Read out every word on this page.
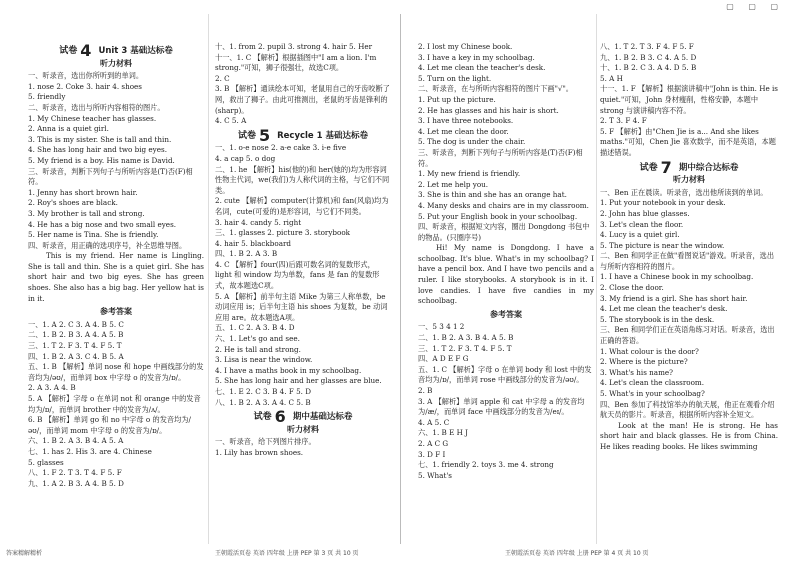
▢ ▢ ▢
试卷 4 Unit 3 基础达标卷
听力材料
一、听录音，选出你所听到的单词。
1. nose 2. Coke 3. hair 4. shoes
5. friendly
二、听录音，选出与所听内容相符的图片。
1. My Chinese teacher has glasses.
2. Anna is a quiet girl.
3. This is my sister. She is tall and thin.
4. She has long hair and two big eyes.
5. My friend is a boy. His name is David.
三、听录音，判断下列句子与所听内容是(T)否(F)相符。
1. Jenny has short brown hair.
2. Roy's shoes are black.
3. My brother is tall and strong.
4. He has a big nose and two small eyes.
5. Her name is Tina. She is friendly.
四、听录音，用正确的选项序号，补全思维导图。
This is my friend. Her name is Lingling. She is tall and thin. She is a quiet girl. She has short hair and two big eyes. She has green shoes. She also has a big bag. Her yellow hat is in it.
参考答案
一、1. A 2. C 3. A 4. B 5. C
二、1. B 2. B 3. A 4. A 5. B
三、1. T 2. F 3. T 4. F 5. T
四、1. B 2. A 3. C 4. B 5. A
五、1. B 【解析】单词 nose 和 hope 中画线部分的发音均为/əʊ/，而单词 box 中字母 o 的发音为/ɒ/。
2. A 3. A 4. B
5. A 【解析】字母 o 在单词 not 和 orange 中的发音均为/ɒ/，而单词 brother 中的发音为/ʌ/。
6. B 【解析】单词 go 和 no 中字母 o 的发音均为/əʊ/，而单词 mom 中字母 o 的发音为/ɒ/。
六、1. B 2. A 3. B 4. A 5. A
七、1. has 2. His 3. are 4. Chinese
5. glasses
八、1. F 2. T 3. T 4. F 5. F
九、1. A 2. B 3. A 4. B 5. D
十、1. from 2. pupil 3. strong 4. hair 5. Her
十一、1. C 【解析】根据插图中"I am a lion. I'm strong."可知，狮子很强壮，故选C项。
2. C
3. B 【解析】通读绘本可知，老鼠用自己的牙齿咬断了网，救出了狮子。由此可推测出，老鼠的牙齿是锋利的(sharp)。
4. C 5. A
试卷 5 Recycle 1 基础达标卷
一、1. o-e nose 2. a-e cake 3. i-e five
4. a cap 5. o dog
二、1. he 【解析】his(他的)和 her(她的)均为形容词性物主代词，we(我们)为人称代词的主格，与它们不同类。
2. cute 【解析】computer(计算机)和 fan(风扇)均为名词，cute(可爱的)是形容词，与它们不同类。
3. hair 4. candy 5. right
三、1. glasses 2. picture 3. storybook
4. hair 5. blackboard
四、1. B 2. A 3. B
4. C 【解析】four(四)后跟可数名词的复数形式，light 和 window 均为单数，fans 是 fan 的复数形式，故本题选C项。
5. A 【解析】前半句主语 Mike 为第三人称单数，be 动词应用 is；后半句主语 his shoes 为复数，be 动词应用 are。故本题选A项。
五、1. C 2. A 3. B 4. D
六、1. Let's go and see.
2. He is tall and strong.
3. Lisa is near the window.
4. I have a maths book in my schoolbag.
5. She has long hair and her glasses are blue.
七、1. E 2. C 3. B 4. F 5. D
八、1. B 2. A 3. A 4. C 5. B
试卷 6 期中基础达标卷
听力材料
一、听录音，给下列图片排序。
1. Lily has brown shoes.
2. I lost my Chinese book.
3. I have a key in my schoolbag.
4. Let me clean the teacher's desk.
5. Turn on the light.
二、听录音，在与所听内容相符的图片下画"√"。
1. Put up the picture.
2. He has glasses and his hair is short.
3. I have three notebooks.
4. Let me clean the door.
5. The dog is under the chair.
三、听录音，判断下列句子与所听内容是(T)否(F)相符。
1. My new friend is friendly.
2. Let me help you.
3. She is thin and she has an orange hat.
4. Many desks and chairs are in my classroom.
5. Put your English book in your schoolbag.
四、听录音，根据短文内容，圈出 Dongdong 书包中的物品。(只圈序号)
Hi! My name is Dongdong. I have a schoolbag. It's blue. What's in my schoolbag? I have a pencil box. And I have two pencils and a ruler. I like storybooks. A storybook is in it. I love candies. I have five candies in my schoolbag.
参考答案
一、5 3 4 1 2
二、1. B 2. A 3. B 4. A 5. B
三、1. T 2. F 3. T 4. F 5. T
四、A D E F G
五、1. C 【解析】字母 o 在单词 body 和 lost 中的发音均为/ɒ/，而单词 rose 中画线部分的发音为/əʊ/。
2. B
3. A 【解析】单词 apple 和 cat 中字母 a 的发音均为/æ/，而单词 face 中画线部分的发音为/eɪ/。
4. A 5. C
六、1. B E H J
2. A C G
3. D F I
七、1. friendly 2. toys 3. me 4. strong
5. What's
八、1. T 2. T 3. F 4. F 5. F
九、1. B 2. B 3. C 4. A 5. D
十、1. B 2. C 3. A 4. D 5. B
5. A H
十一、1. F 【解析】根据演讲稿中"John is thin. He is quiet."可知，John 身材瘦削，性格安静，本题中 strong 与演讲稿内容不符。
2. T 3. F 4. F
5. F 【解析】由"Chen Jie is a... And she likes maths."可知，Chen Jie 喜欢数学，而不是英语，本题描述错误。
试卷 7 期中综合达标卷
听力材料
一、Ben 正在晨读。听录音，选出他所读到的单词。
1. Put your notebook in your desk.
2. John has blue glasses.
3. Let's clean the floor.
4. Lucy is a quiet girl.
5. The picture is near the window.
二、Ben 和同学正在做"看图说话"游戏。听录音，选出与所听内容相符的图片。
1. I have a Chinese book in my schoolbag.
2. Close the door.
3. My friend is a girl. She has short hair.
4. Let me clean the teacher's desk.
5. The storybook is in the desk.
三、Ben 和同学们正在英语角练习对话。听录音，选出正确的答语。
1. What colour is the door?
2. Where is the picture?
3. What's his name?
4. Let's clean the classroom.
5. What's in your schoolbag?
四、Ben 参加了科技馆举办的航天展，他正在观看介绍航天员的影片。听录音，根据所听内容补全短文。
Look at the man! He is strong. He has short hair and black glasses. He is from China. He likes reading books. He likes swimming
答案精解精析	王朝霞活页卷 英语 四年级 上册 PEP 第 3 页 共 10 页	王朝霞活页卷 英语 四年级 上册 PEP 第 4 页 共 10 页
